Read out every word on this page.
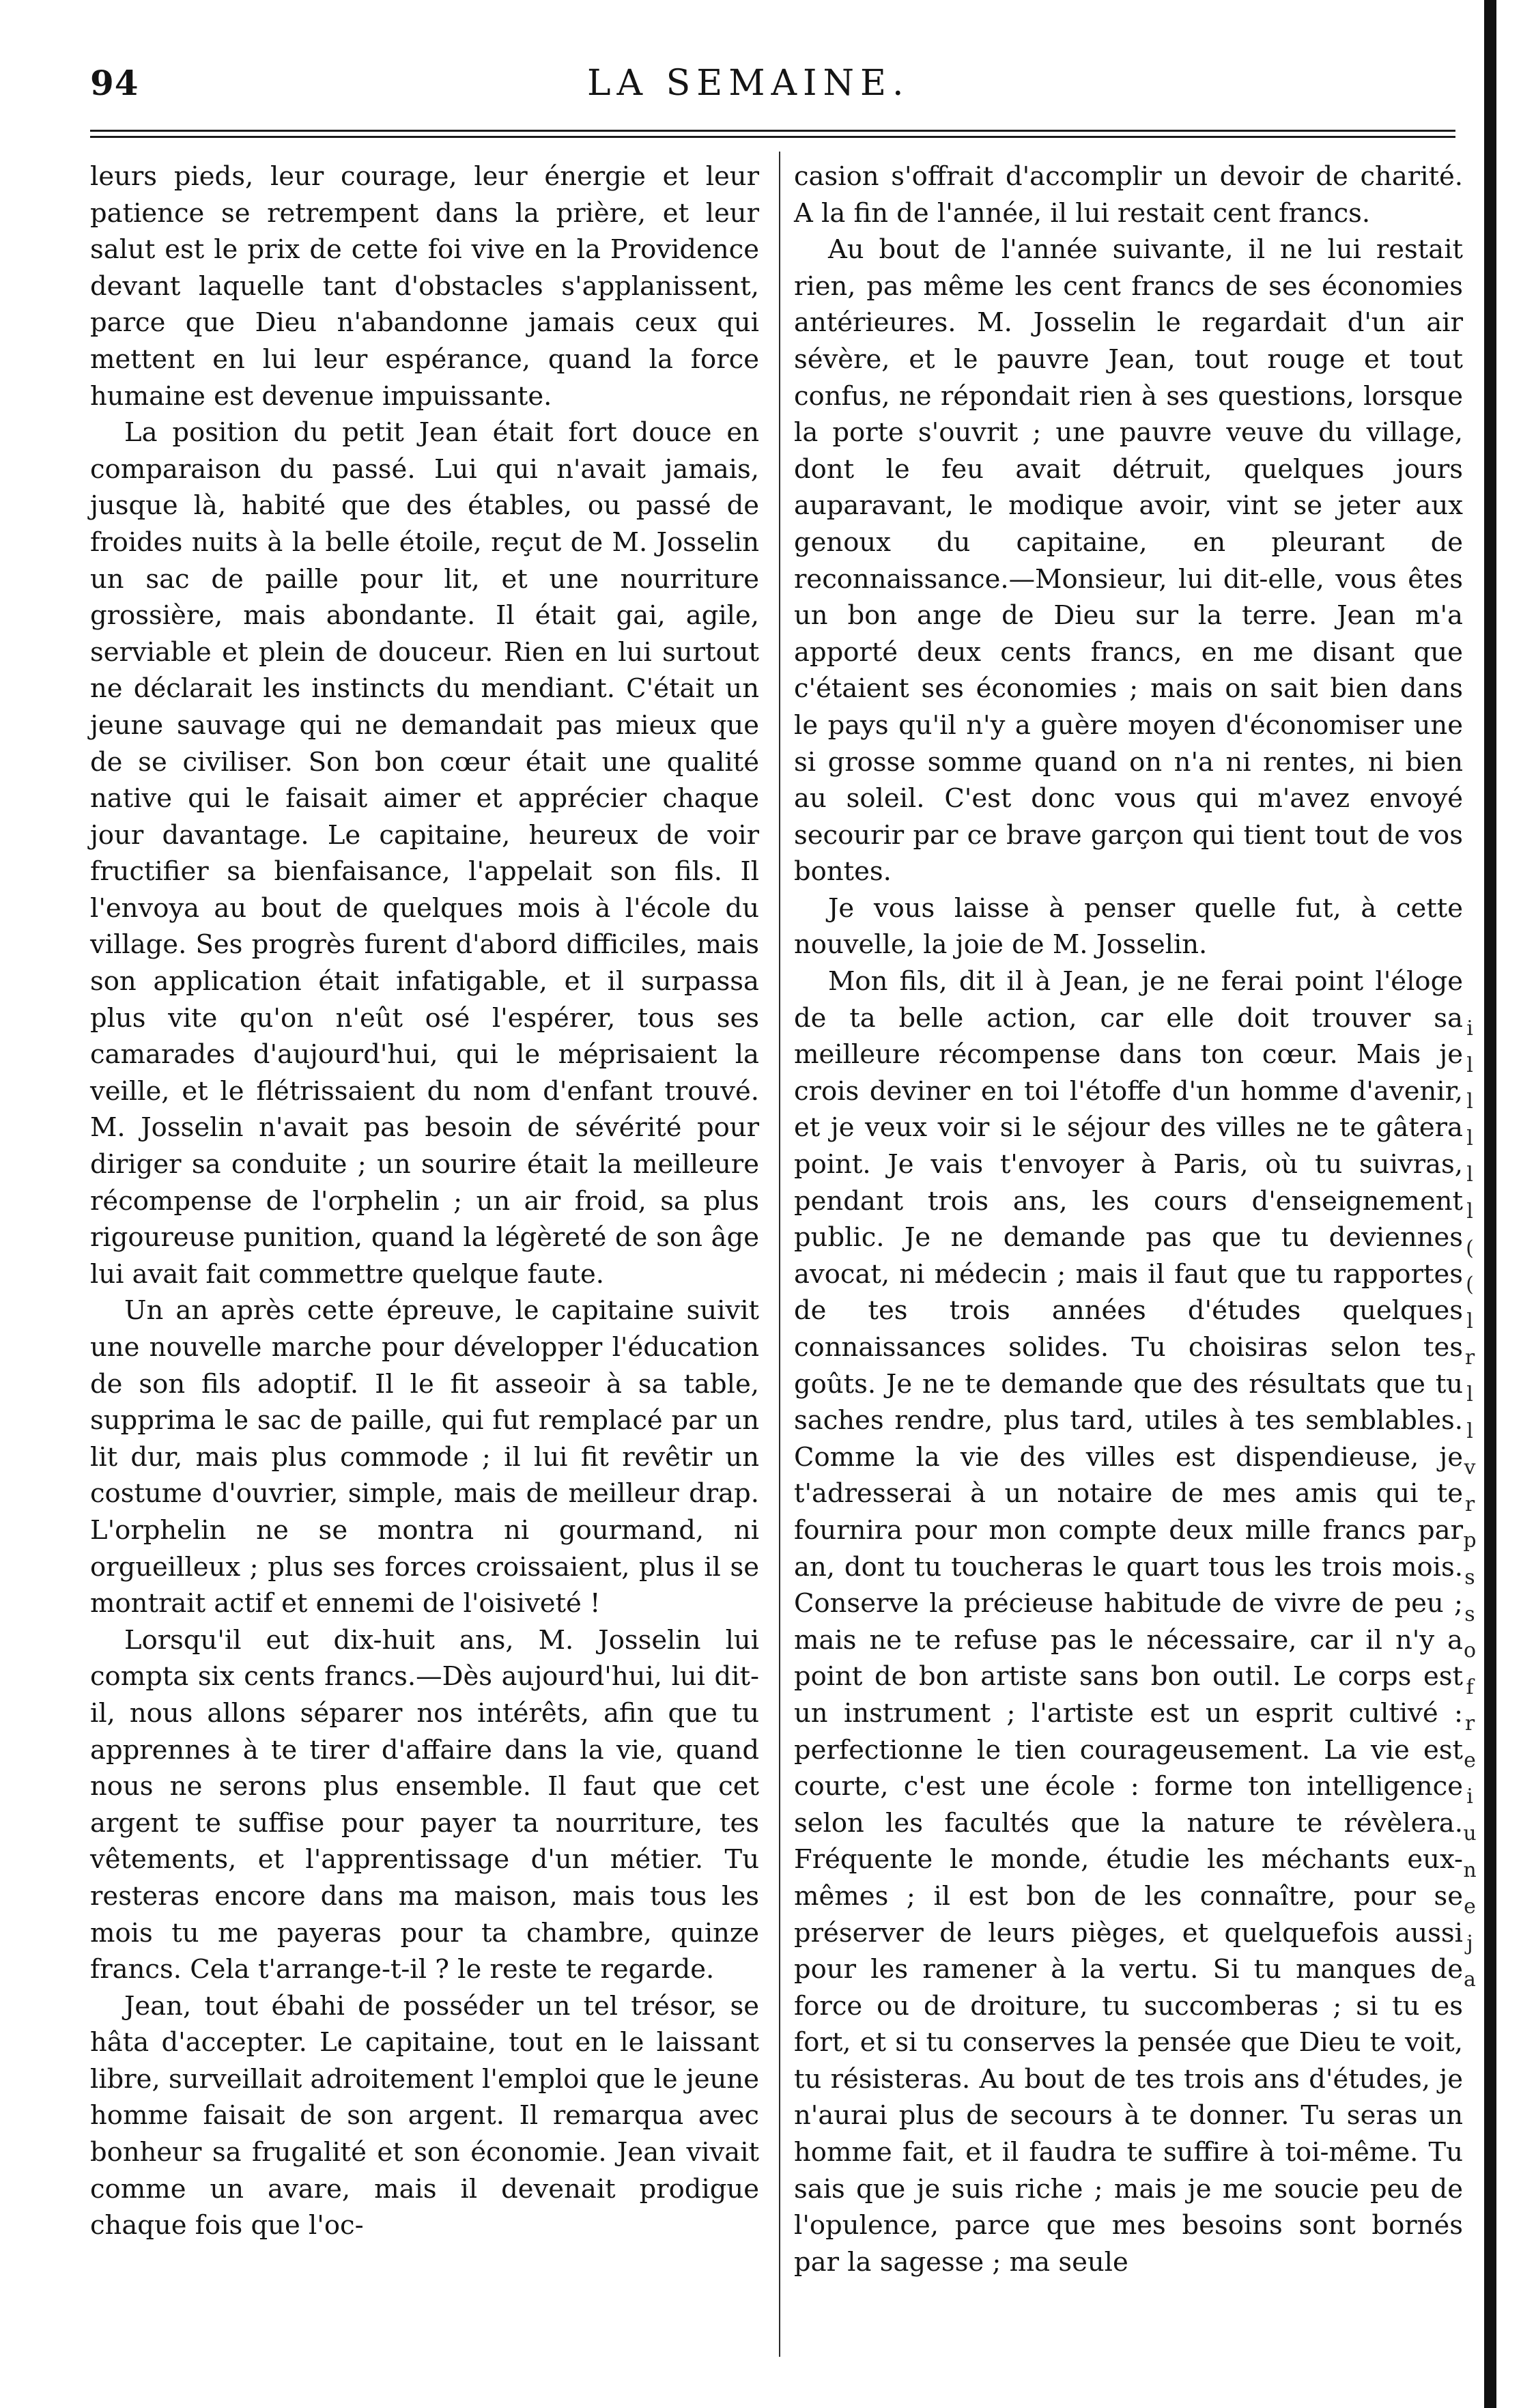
94	LA SEMAINE.

leurs pieds, leur courage, leur énergie et leur patience se retrempent dans la prière, et leur salut est le prix de cette foi vive en la Providence devant laquelle tant d'obstacles s'applanissent, parce que Dieu n'abandonne jamais ceux qui mettent en lui leur espérance, quand la force humaine est devenue impuissante.

La position du petit Jean était fort douce en comparaison du passé. Lui qui n'avait jamais, jusque là, habité que des étables, ou passé de froides nuits à la belle étoile, reçut de M. Josselin un sac de paille pour lit, et une nourriture grossière, mais abondante. Il était gai, agile, serviable et plein de douceur. Rien en lui surtout ne déclarait les instincts du mendiant. C'était un jeune sauvage qui ne demandait pas mieux que de se civiliser. Son bon cœur était une qualité native qui le faisait aimer et apprécier chaque jour davantage. Le capitaine, heureux de voir fructifier sa bienfaisance, l'appelait son fils. Il l'envoya au bout de quelques mois à l'école du village. Ses progrès furent d'abord difficiles, mais son application était infatigable, et il surpassa plus vite qu'on n'eût osé l'espérer, tous ses camarades d'aujourd'hui, qui le méprisaient la veille, et le flétrissaient du nom d'enfant trouvé. M. Josselin n'avait pas besoin de sévérité pour diriger sa conduite ; un sourire était la meilleure récompense de l'orphelin ; un air froid, sa plus rigoureuse punition, quand la légèreté de son âge lui avait fait commettre quelque faute.

Un an après cette épreuve, le capitaine suivit une nouvelle marche pour développer l'éducation de son fils adoptif. Il le fit asseoir à sa table, supprima le sac de paille, qui fut remplacé par un lit dur, mais plus commode ; il lui fit revêtir un costume d'ouvrier, simple, mais de meilleur drap. L'orphelin ne se montra ni gourmand, ni orgueilleux ; plus ses forces croissaient, plus il se montrait actif et ennemi de l'oisiveté !

Lorsqu'il eut dix-huit ans, M. Josselin lui compta six cents francs.—Dès aujourd'hui, lui dit-il, nous allons séparer nos intérêts, afin que tu apprennes à te tirer d'affaire dans la vie, quand nous ne serons plus ensemble. Il faut que cet argent te suffise pour payer ta nourriture, tes vêtements, et l'apprentissage d'un métier. Tu resteras encore dans ma maison, mais tous les mois tu me payeras pour ta chambre, quinze francs. Cela t'arrange-t-il ? le reste te regarde.

Jean, tout ébahi de posséder un tel trésor, se hâta d'accepter. Le capitaine, tout en le laissant libre, surveillait adroitement l'emploi que le jeune homme faisait de son argent. Il remarqua avec bonheur sa frugalité et son économie. Jean vivait comme un avare, mais il devenait prodigue chaque fois que l'oc-

casion s'offrait d'accomplir un devoir de charité. A la fin de l'année, il lui restait cent francs.

Au bout de l'année suivante, il ne lui restait rien, pas même les cent francs de ses économies antérieures. M. Josselin le regardait d'un air sévère, et le pauvre Jean, tout rouge et tout confus, ne répondait rien à ses questions, lorsque la porte s'ouvrit ; une pauvre veuve du village, dont le feu avait détruit, quelques jours auparavant, le modique avoir, vint se jeter aux genoux du capitaine, en pleurant de reconnaissance.—Monsieur, lui dit-elle, vous êtes un bon ange de Dieu sur la terre. Jean m'a apporté deux cents francs, en me disant que c'étaient ses économies ; mais on sait bien dans le pays qu'il n'y a guère moyen d'économiser une si grosse somme quand on n'a ni rentes, ni bien au soleil. C'est donc vous qui m'avez envoyé secourir par ce brave garçon qui tient tout de vos bontes.

Je vous laisse à penser quelle fut, à cette nouvelle, la joie de M. Josselin.

Mon fils, dit il à Jean, je ne ferai point l'éloge de ta belle action, car elle doit trouver sa meilleure récompense dans ton cœur. Mais je crois deviner en toi l'étoffe d'un homme d'avenir, et je veux voir si le séjour des villes ne te gâtera point. Je vais t'envoyer à Paris, où tu suivras, pendant trois ans, les cours d'enseignement public. Je ne demande pas que tu deviennes avocat, ni médecin ; mais il faut que tu rapportes de tes trois années d'études quelques connaissances solides. Tu choisiras selon tes goûts. Je ne te demande que des résultats que tu saches rendre, plus tard, utiles à tes semblables. Comme la vie des villes est dispendieuse, je t'adresserai à un notaire de mes amis qui te fournira pour mon compte deux mille francs par an, dont tu toucheras le quart tous les trois mois. Conserve la précieuse habitude de vivre de peu ; mais ne te refuse pas le nécessaire, car il n'y a point de bon artiste sans bon outil. Le corps est un instrument ; l'artiste est un esprit cultivé : perfectionne le tien courageusement. La vie est courte, c'est une école : forme ton intelligence selon les facultés que la nature te révèlera. Fréquente le monde, étudie les méchants eux-mêmes ; il est bon de les connaître, pour se préserver de leurs pièges, et quelquefois aussi pour les ramener à la vertu. Si tu manques de force ou de droiture, tu succomberas ; si tu es fort, et si tu conserves la pensée que Dieu te voit, tu résisteras. Au bout de tes trois ans d'études, je n'aurai plus de secours à te donner. Tu seras un homme fait, et il faudra te suffire à toi-même. Tu sais que je suis riche ; mais je me soucie peu de l'opulence, parce que mes besoins sont bornés par la sagesse ; ma seule

i
l
l
l
l
l
(
(
l
r
l
l
v
r
p
s
s
o
f
r
e
i
u
n
e
j
a
